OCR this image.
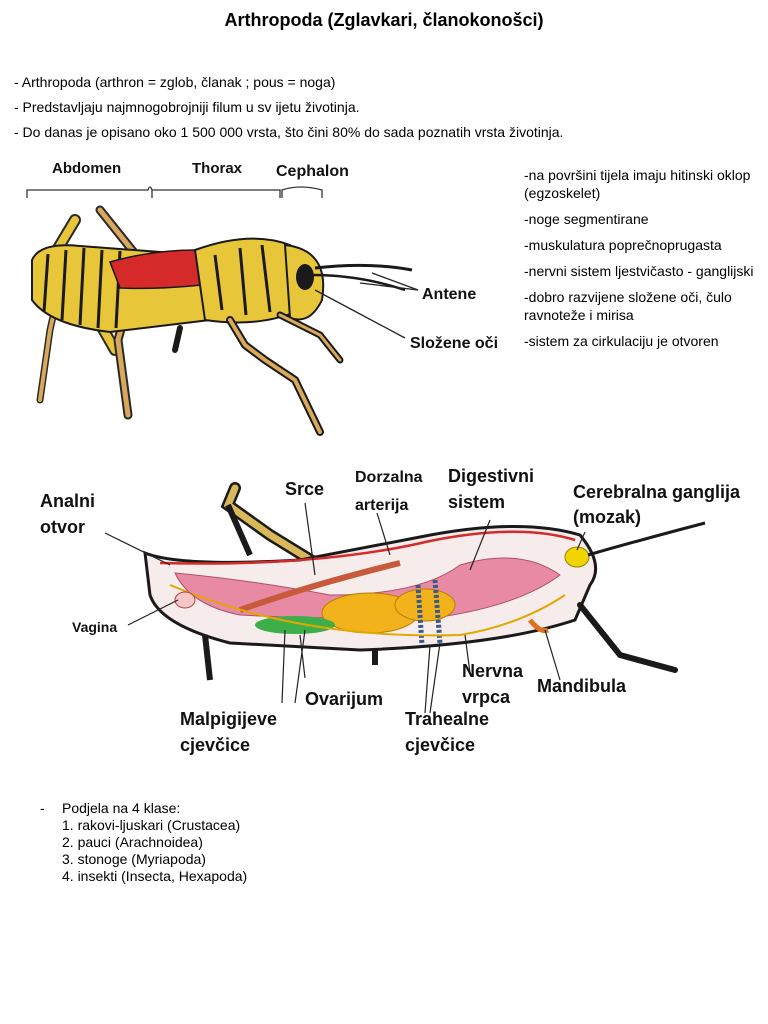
Arthropoda (Zglavkari, članokonošci)
- Arthropoda (arthron = zglob, članak ; pous = noga)
- Predstavljaju najmnogobrojniji filum u sv ijetu životinja.
- Do danas je opisano oko 1 500 000 vrsta, što čini 80% do sada poznatih vrsta životinja.
Abdomen	Thorax Cephalon
Antene
Složene oči
-na površini tijela imaju hitinski oklop (egzoskelet)
-noge segmentirane
-muskulatura poprečnoprugasta
-nervni sistem ljestvičasto - ganglijski
-dobro razvijene složene oči, čulo ravnoteže i mirisa
-sistem za cirkulaciju je otvoren
Analni
otvor
Srce
Dorzalna
arterija
Digestivni
sistem	Cerebralna ganglija
(mozak)
Vagina
Nervna
vrpca
Mandibula
Ovarijum
Malpigijeve
cjevčice
Trahealne
cjevčice
- Podjela na 4 klase:
1. rakovi-ljuskari (Crustacea)
2. pauci (Arachnoidea)
3. stonoge (Myriapoda)
4. insekti (Insecta, Hexapoda)
